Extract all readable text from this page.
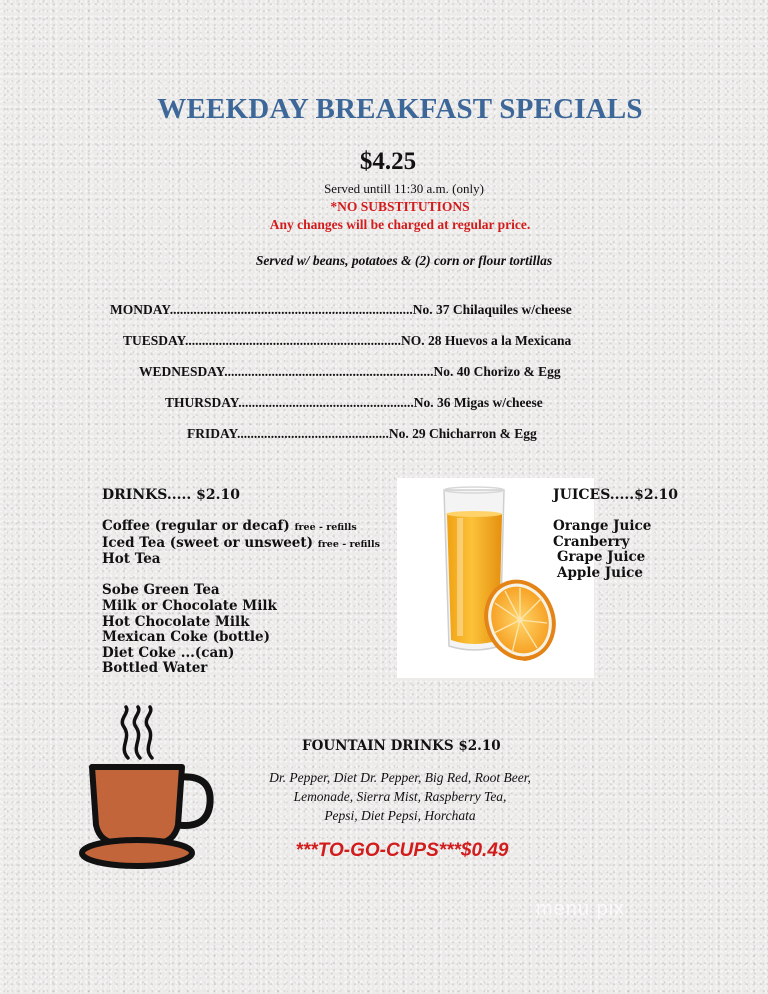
WEEKDAY BREAKFAST SPECIALS
$4.25
Served untill 11:30 a.m. (only)
*NO SUBSTITUTIONS
Any changes will be charged at regular price.
Served w/ beans, potatoes & (2) corn or flour tortillas
MONDAY........................................................................No. 37 Chilaquiles w/cheese
TUESDAY................................................................NO. 28 Huevos a la Mexicana
WEDNESDAY..............................................................No. 40 Chorizo & Egg
THURSDAY....................................................No. 36 Migas w/cheese
FRIDAY.............................................No. 29 Chicharron & Egg
DRINKS..... $2.10
Coffee (regular or decaf) free - refills
Iced Tea (sweet or unsweet) free - refills
Hot Tea
Sobe Green Tea
Milk or Chocolate Milk
Hot Chocolate Milk
Mexican Coke (bottle)
Diet Coke ...(can)
Bottled Water
JUICES.....$2.10
Orange Juice
Cranberry
Grape Juice
Apple Juice
FOUNTAIN DRINKS $2.10
Dr. Pepper, Diet Dr. Pepper, Big Red, Root Beer,
Lemonade, Sierra Mist, Raspberry Tea,
Pepsi, Diet Pepsi, Horchata
***TO-GO-CUPS***$0.49
menu pix
